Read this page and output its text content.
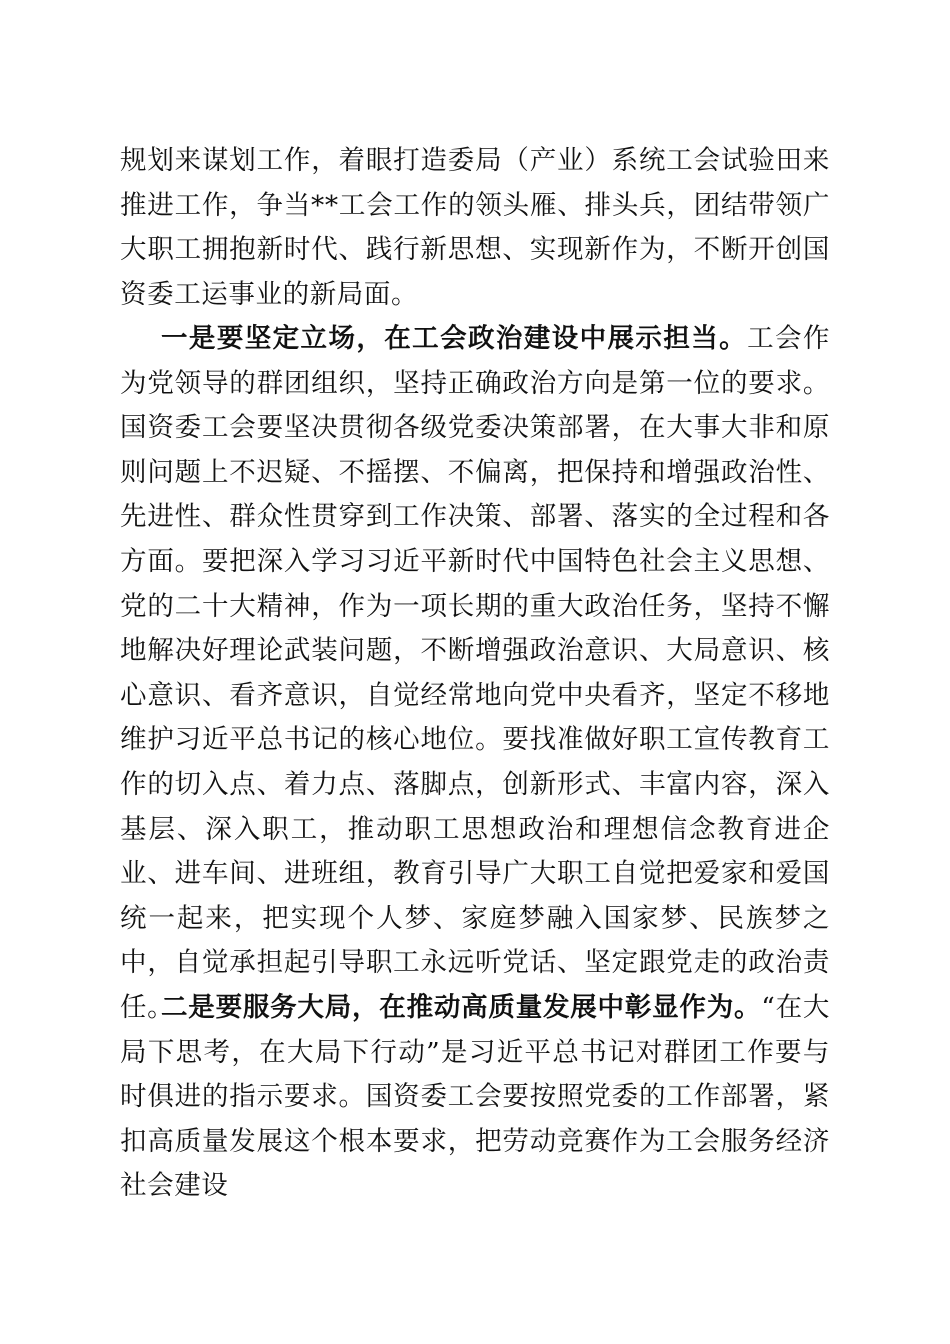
规划来谋划工作，着眼打造委局（产业）系统工会试验田来推进工作，争当**工会工作的领头雁、排头兵，团结带领广大职工拥抱新时代、践行新思想、实现新作为，不断开创国资委工运事业的新局面。

一是要坚定立场，在工会政治建设中展示担当。工会作为党领导的群团组织，坚持正确政治方向是第一位的要求。国资委工会要坚决贯彻各级党委决策部署，在大事大非和原则问题上不迟疑、不摇摆、不偏离，把保持和增强政治性、先进性、群众性贯穿到工作决策、部署、落实的全过程和各方面。要把深入学习习近平新时代中国特色社会主义思想、党的二十大精神，作为一项长期的重大政治任务，坚持不懈地解决好理论武装问题，不断增强政治意识、大局意识、核心意识、看齐意识，自觉经常地向党中央看齐，坚定不移地维护习近平总书记的核心地位。要找准做好职工宣传教育工作的切入点、着力点、落脚点，创新形式、丰富内容，深入基层、深入职工，推动职工思想政治和理想信念教育进企业、进车间、进班组，教育引导广大职工自觉把爱家和爱国统一起来，把实现个人梦、家庭梦融入国家梦、民族梦之中，自觉承担起引导职工永远听党话、坚定跟党走的政治责任。

二是要服务大局，在推动高质量发展中彰显作为。“在大局下思考，在大局下行动”是习近平总书记对群团工作要与时俱进的指示要求。国资委工会要按照党委的工作部署，紧扣高质量发展这个根本要求，把劳动竞赛作为工会服务经济社会建设
